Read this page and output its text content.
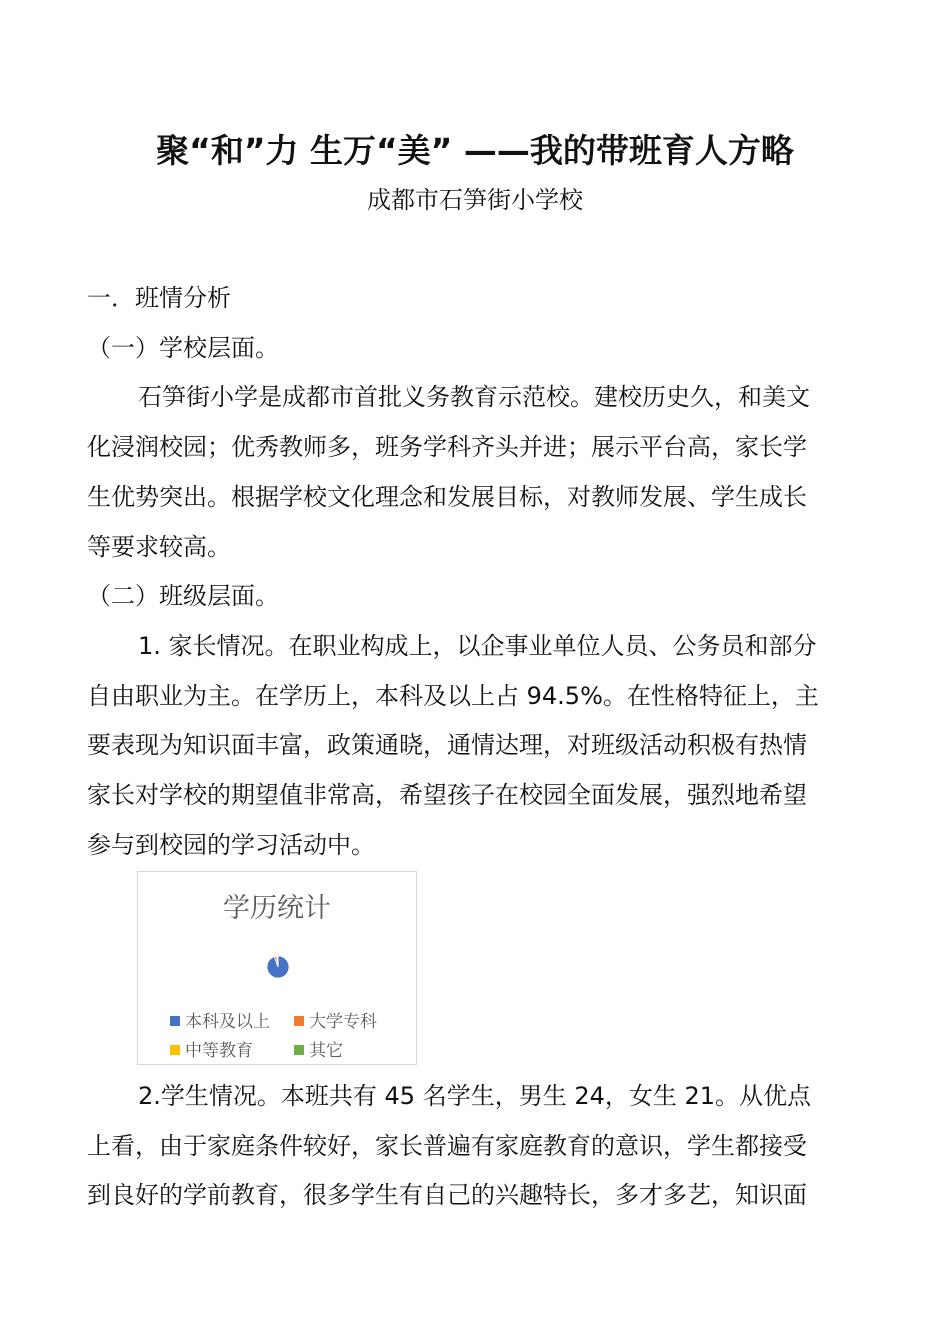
聚“和”力 生万“美” ——我的带班育人方略
成都市石笋街小学校
一．班情分析
（一）学校层面。
石笋街小学是成都市首批义务教育示范校。建校历史久，和美文
化浸润校园；优秀教师多，班务学科齐头并进；展示平台高，家长学
生优势突出。根据学校文化理念和发展目标，对教师发展、学生成长
等要求较高。
（二）班级层面。
1. 家长情况。在职业构成上，以企事业单位人员、公务员和部分
自由职业为主。在学历上，本科及以上占 94.5%。在性格特征上，主
要表现为知识面丰富，政策通晓，通情达理，对班级活动积极有热情
家长对学校的期望值非常高，希望孩子在校园全面发展，强烈地希望
参与到校园的学习活动中。
学历统计
本科及以上	大学专科
中等教育	其它
2.学生情况。本班共有 45 名学生，男生 24，女生 21。从优点
上看，由于家庭条件较好，家长普遍有家庭教育的意识，学生都接受
到良好的学前教育，很多学生有自己的兴趣特长，多才多艺，知识面
